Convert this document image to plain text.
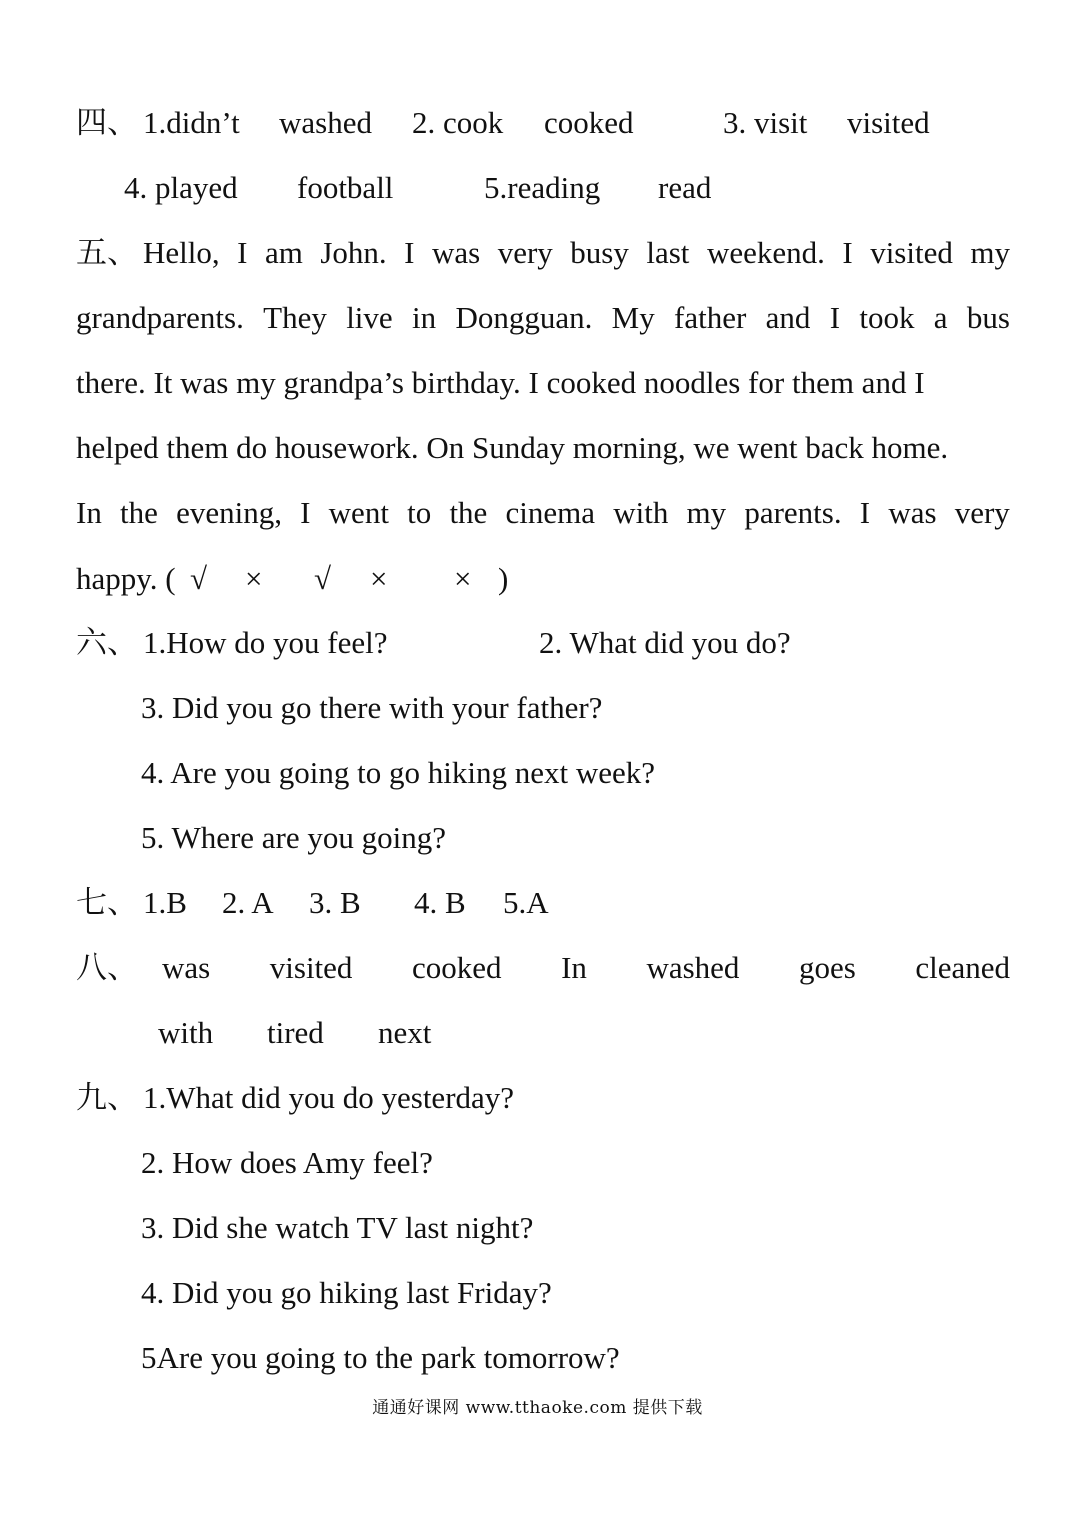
四、 1.didn’t washed 2. cook cooked	3. visit visited
4. played football	5.reading read
五、 Hello, I am John. I was very busy last weekend. I visited my
grandparents. They live in Dongguan. My father and I took a bus
there. It was my grandpa’s birthday. I cooked noodles for them and I
helped them do housework. On Sunday morning, we went back home.
In the evening, I went to the cinema with my parents. I was very
happy. ( √ × √ × × )
六、 1.How do you feel?	2. What did you do?
3. Did you go there with your father?
4. Are you going to go hiking next week?
5. Where are you going?
七、 1.B 2. A 3. B 4. B 5.A
八、 was visited cooked In washed goes cleaned
with tired next
九、 1.What did you do yesterday?
2. How does Amy feel?
3. Did she watch TV last night?
4. Did you go hiking last Friday?
5Are you going to the park tomorrow?
通通好课网 www.tthaoke.com 提供下载
